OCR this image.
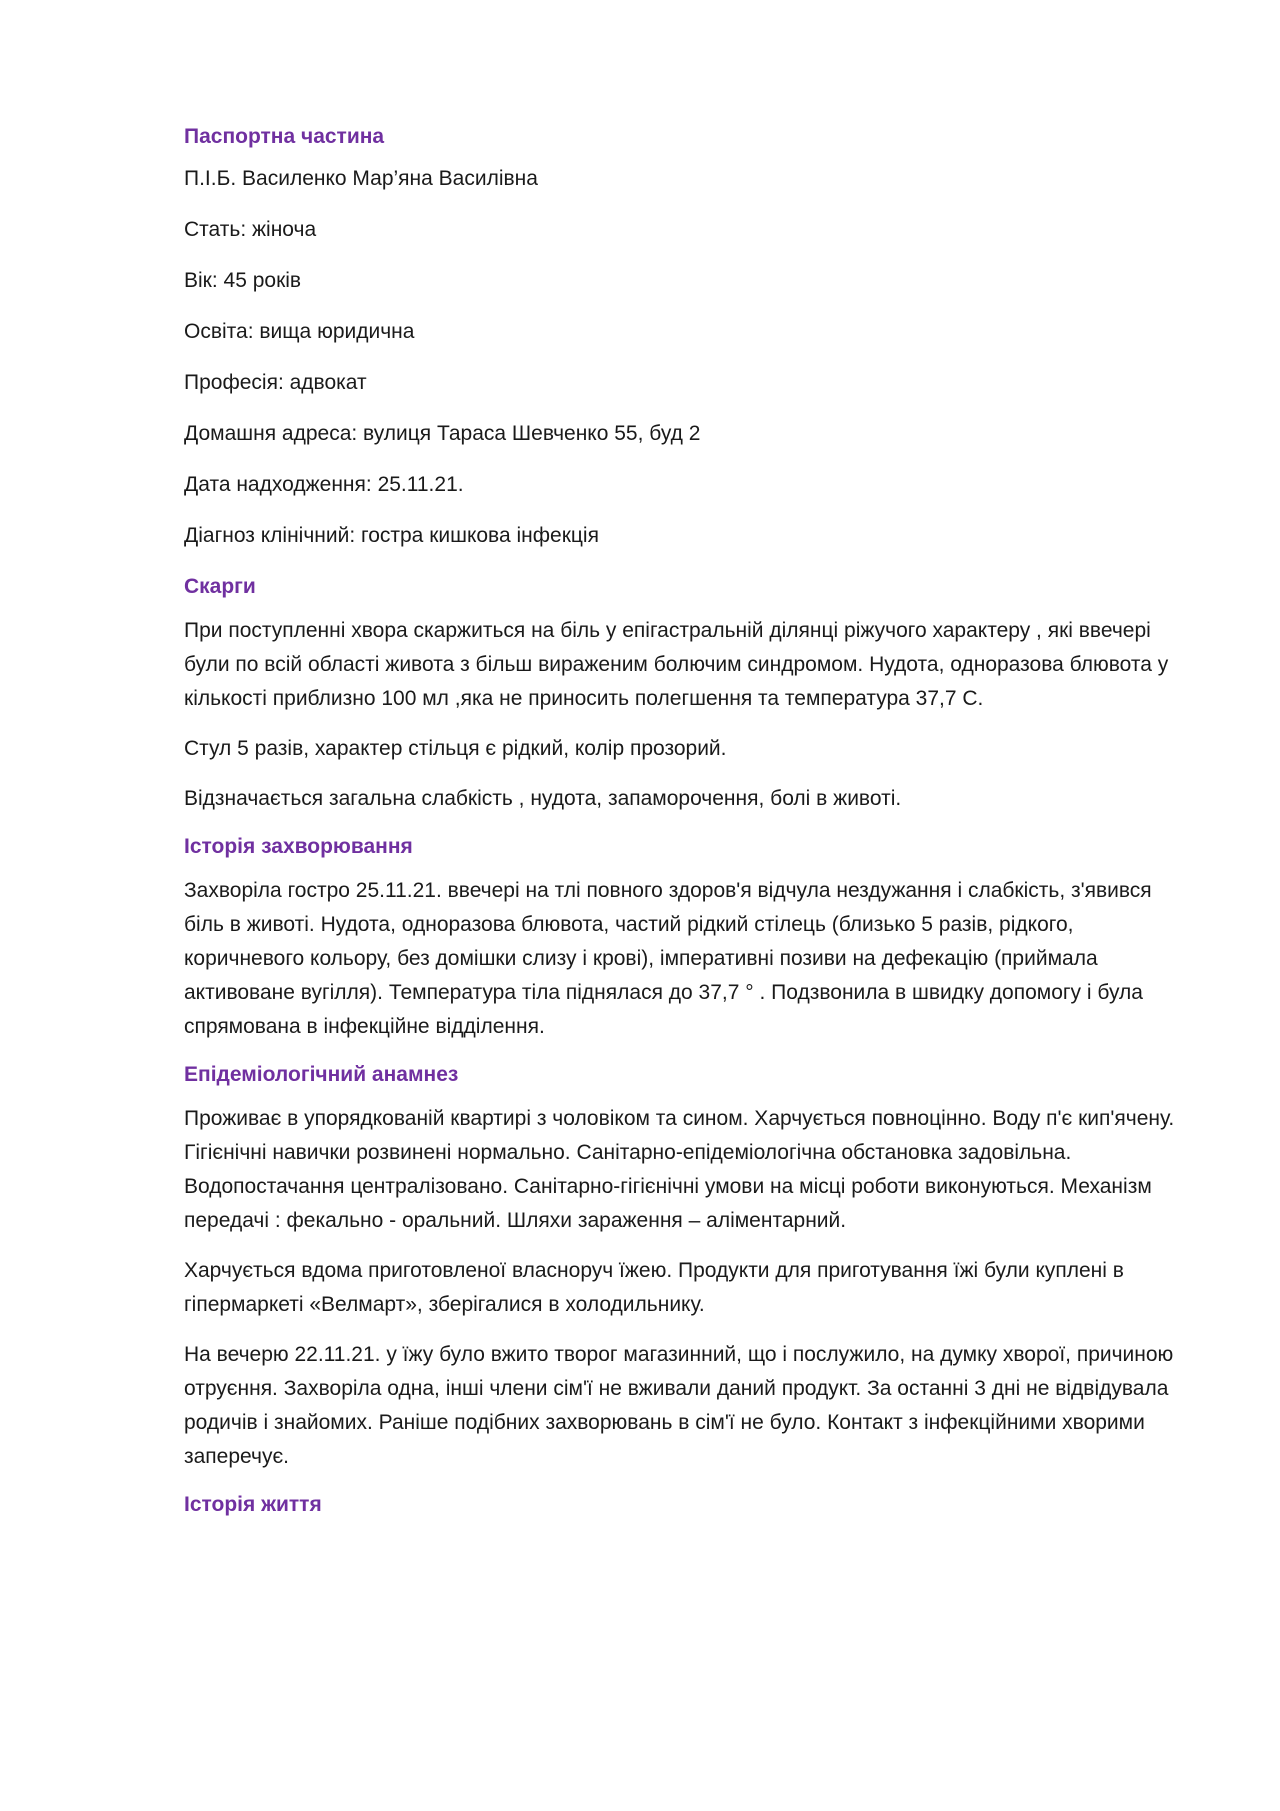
Паспортна частина
П.І.Б. Василенко Мар’яна Василівна
Стать: жіноча
Вік: 45 років
Освіта: вища юридична
Професія: адвокат
Домашня адреса: вулиця Тараса Шевченко 55, буд 2
Дата надходження: 25.11.21.
Діагноз клінічний: гостра кишкова інфекція
Скарги

При поступленні хвора скаржиться на біль у епігастральній ділянці ріжучого характеру , які ввечері були по всій області живота з більш вираженим болючим синдромом. Нудота, одноразова блювота у кількості приблизно 100 мл ,яка не приносить полегшення та температура 37,7 С.

Стул 5 разів, характер стільця є рідкий, колір прозорий.

Відзначається загальна слабкість , нудота, запаморочення, болі в животі.

Історія захворювання

Захворіла гостро 25.11.21. ввечері на тлі повного здоров'я відчула нездужання і слабкість, з'явився біль в животі. Нудота, одноразова блювота, частий рідкий стілець (близько 5 разів, рідкого, коричневого кольору, без домішки слизу і крові), імперативні позиви на дефекацію (приймала активоване вугілля). Температура тіла піднялася до 37,7 ° . Подзвонила в швидку допомогу і була спрямована в інфекційне відділення.

Епідеміологічний анамнез

Проживає в упорядкованій квартирі з чоловіком та сином. Харчується повноцінно. Воду п'є кип'ячену. Гігієнічні навички розвинені нормально. Санітарно-епідеміологічна обстановка задовільна. Водопостачання централізовано. Санітарно-гігієнічні умови на місці роботи виконуються. Механізм передачі : фекально - оральний. Шляхи зараження – аліментарний.

Харчується вдома приготовленої власноруч їжею. Продукти для приготування їжі були куплені в гіпермаркеті «Велмарт», зберігалися в холодильнику.

На вечерю 22.11.21. у їжу було вжито творог магазинний, що і послужило, на думку хворої, причиною отруєння. Захворіла одна, інші члени сім'ї не вживали даний продукт. За останні 3 дні не відвідувала родичів і знайомих. Раніше подібних захворювань в сім'ї не було. Контакт з інфекційними хворими заперечує.

Історія життя
